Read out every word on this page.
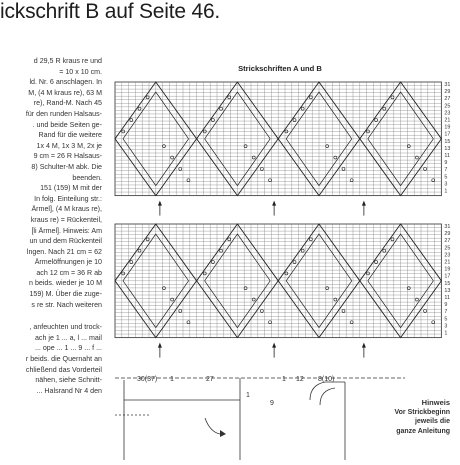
ickschrift B auf Seite 46.
d 29,5 R kraus re und
= 10 x 10 cm.
ld. Nr. 6 anschlagen. In
M, (4 M kraus re), 63 M
re), Rand-M. Nach 45
für den runden Halsaus-
. und beide Seiten ge-
Rand für die weitere
1x 4 M, 1x 3 M, 2x je
9 cm = 26 R Halsaus-
8) Schulter-M abk. Die
beenden.
151 (159) M mit der
In folg. Einteilung str.:
Ärmel], (4 M kraus re),
kraus re) = Rückenteil,
[li Ärmel]. Hinweis: Am
un und dem Rückenteil
lngen. Nach 21 cm = 62
Ärmelöffnungen je 10
ach 12 cm = 36 R ab
n beids. wieder je 10 M
159) M. Über die zuge-
s re str. Nach weiteren
, anfeuchten und trock-
ach je 1 ... a, l ... mail
... ope ... 1 ... 9 ... f ...
r beids. die Quernaht an
chließend das Vorderteil
nähen, siehe Schnitt-
... Halsrand Nr 4 den
Strickschriften A und B
31
29
27
25
23
21
19
17
15
13
11
9
7
5
3
1
31
29
27
25
23
21
19
17
15
13
11
9
7
5
3
1
30(37) 1	27	1 12 8(10)
1
9	Hinweis
Vor Strickbeginn
jeweils die
ganze Anleitung
